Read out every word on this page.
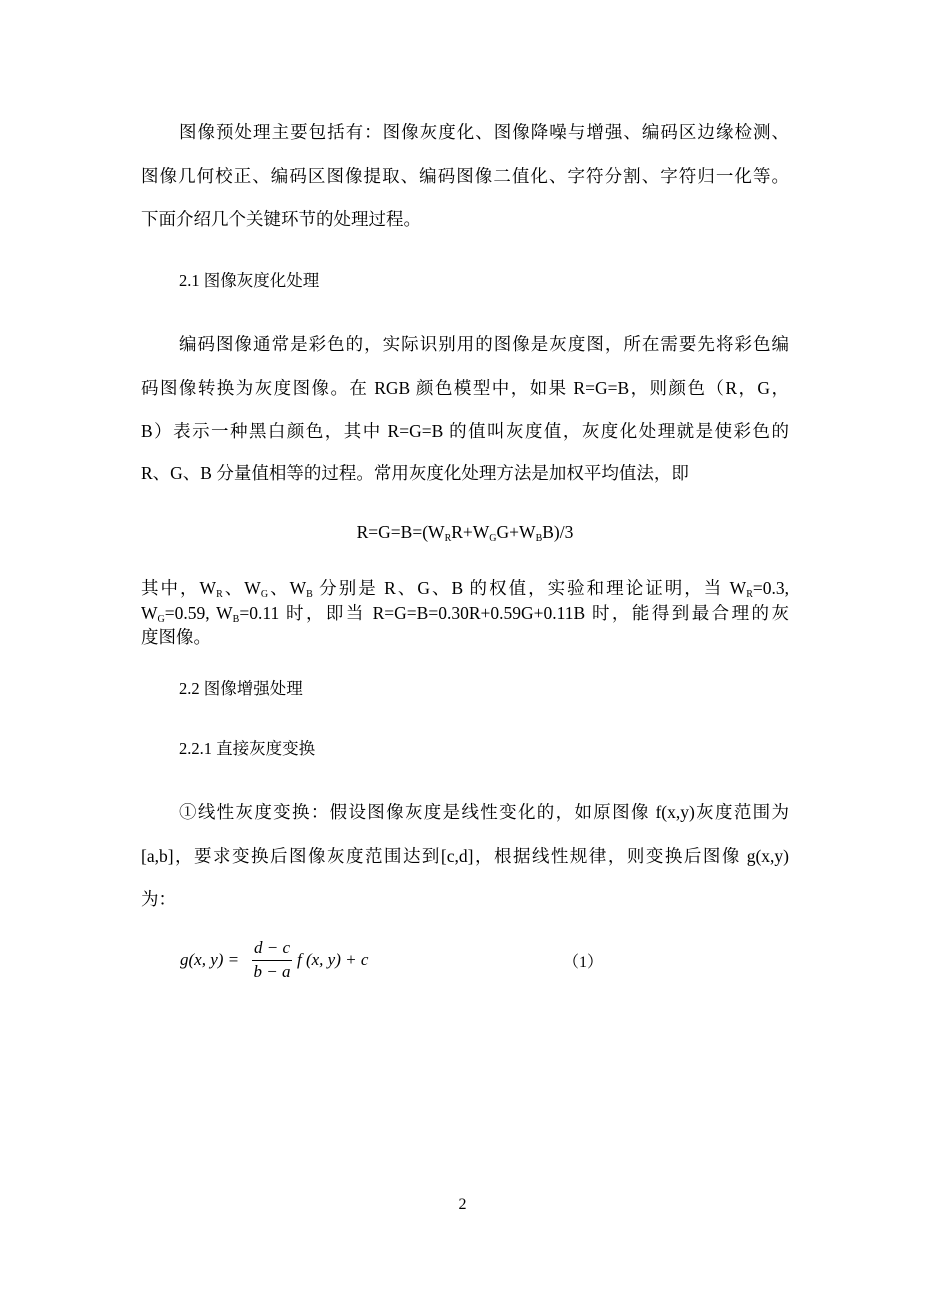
图像预处理主要包括有：图像灰度化、图像降噪与增强、编码区边缘检测、
图像几何校正、编码区图像提取、编码图像二值化、字符分割、字符归一化等。
下面介绍几个关键环节的处理过程。
2.1 图像灰度化处理
编码图像通常是彩色的，实际识别用的图像是灰度图，所在需要先将彩色编
码图像转换为灰度图像。在 RGB 颜色模型中，如果 R=G=B，则颜色（R，G，
B）表示一种黑白颜色，其中 R=G=B 的值叫灰度值，灰度化处理就是使彩色的
R、G、B 分量值相等的过程。常用灰度化处理方法是加权平均值法，即
$R=G=B=(W_RR+W_GG+W_BB)/3$
其中，$W_R$、$W_G$、$W_B$ 分别是 R、G、B 的权值，实验和理论证明，当 $W_R=0.3$,
$W_G=0.59$, $W_B=0.11$ 时，即当 R=G=B=0.30R+0.59G+0.11B 时，能得到最合理的灰
度图像。
2.2 图像增强处理
2.2.1 直接灰度变换
①线性灰度变换：假设图像灰度是线性变化的，如原图像 f(x,y)灰度范围为
[a,b]，要求变换后图像灰度范围达到[c,d]，根据线性规律，则变换后图像 g(x,y)
为：
g(x, y) =
d − c
b − a
f (x, y) + c	（1）
2
